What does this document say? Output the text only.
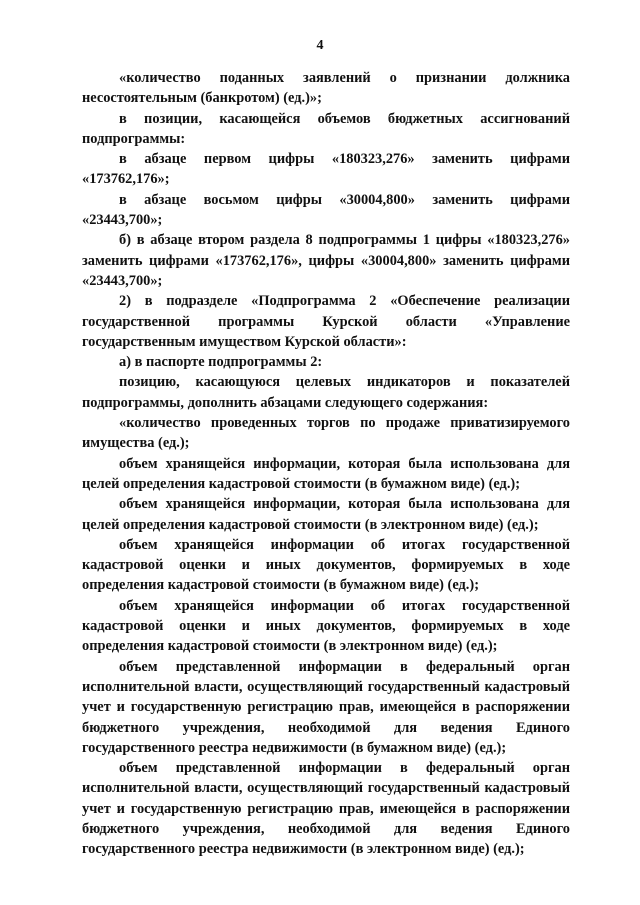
4

«количество поданных заявлений о признании должника несостоятельным (банкротом) (ед.)»;

в позиции, касающейся объемов бюджетных ассигнований подпрограммы:

в абзаце первом цифры «180323,276» заменить цифрами «173762,176»;

в абзаце восьмом цифры «30004,800» заменить цифрами «23443,700»;

б) в абзаце втором раздела 8 подпрограммы 1 цифры «180323,276» заменить цифрами «173762,176», цифры «30004,800» заменить цифрами «23443,700»;

2) в подразделе «Подпрограмма 2 «Обеспечение реализации государственной программы Курской области «Управление государственным имуществом Курской области»:

а) в паспорте подпрограммы 2:

позицию, касающуюся целевых индикаторов и показателей подпрограммы, дополнить абзацами следующего содержания:

«количество проведенных торгов по продаже приватизируемого имущества (ед.);

объем хранящейся информации, которая была использована для целей определения кадастровой стоимости (в бумажном виде) (ед.);

объем хранящейся информации, которая была использована для целей определения кадастровой стоимости (в электронном виде) (ед.);

объем хранящейся информации об итогах государственной кадастровой оценки и иных документов, формируемых в ходе определения кадастровой стоимости (в бумажном виде) (ед.);

объем хранящейся информации об итогах государственной кадастровой оценки и иных документов, формируемых в ходе определения кадастровой стоимости (в электронном виде) (ед.);

объем представленной информации в федеральный орган исполнительной власти, осуществляющий государственный кадастровый учет и государственную регистрацию прав, имеющейся в распоряжении бюджетного учреждения, необходимой для ведения Единого государственного реестра недвижимости (в бумажном виде) (ед.);

объем представленной информации в федеральный орган исполнительной власти, осуществляющий государственный кадастровый учет и государственную регистрацию прав, имеющейся в распоряжении бюджетного учреждения, необходимой для ведения Единого государственного реестра недвижимости (в электронном виде) (ед.);
